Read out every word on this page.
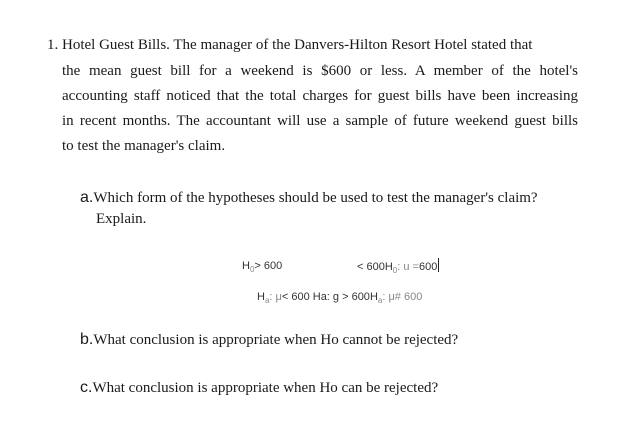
1. Hotel Guest Bills. The manager of the Danvers-Hilton Resort Hotel stated that
the mean guest bill for a weekend is $600 or less. A member of the hotel's
accounting staff noticed that the total charges for guest bills have been increasing
in recent months. The accountant will use a sample of future weekend guest bills
to test the manager's claim.
a.Which form of the hypotheses should be used to test the manager's claim?
Explain.
$H_0> 600$	< $600H_0$: u =600
$H_a$: μ< 600 Ha: $g > 600H_a$: μ# 600
b.What conclusion is appropriate when Ho cannot be rejected?
c.What conclusion is appropriate when Ho can be rejected?
